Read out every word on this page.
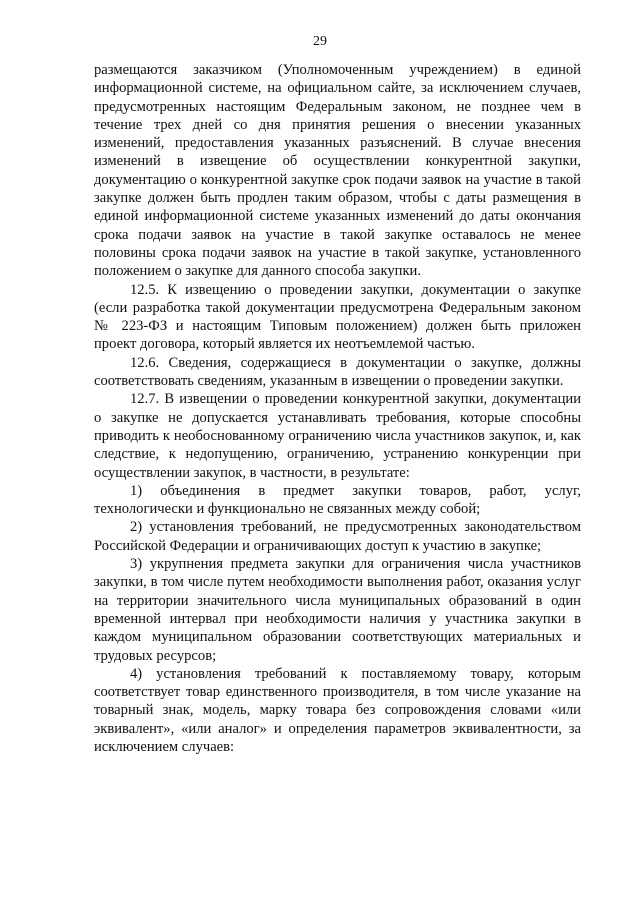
29

размещаются заказчиком (Уполномоченным учреждением) в единой информационной системе, на официальном сайте, за исключением случаев, предусмотренных настоящим Федеральным законом, не позднее чем в течение трех дней со дня принятия решения о внесении указанных изменений, предоставления указанных разъяснений. В случае внесения изменений в извещение об осуществлении конкурентной закупки, документацию о конкурентной закупке срок подачи заявок на участие в такой закупке должен быть продлен таким образом, чтобы с даты размещения в единой информационной системе указанных изменений до даты окончания срока подачи заявок на участие в такой закупке оставалось не менее половины срока подачи заявок на участие в такой закупке, установленного положением о закупке для данного способа закупки.

12.5. К извещению о проведении закупки, документации о закупке (если разработка такой документации предусмотрена Федеральным законом № 223-ФЗ и настоящим Типовым положением) должен быть приложен проект договора, который является их неотъемлемой частью.

12.6. Сведения, содержащиеся в документации о закупке, должны соответствовать сведениям, указанным в извещении о проведении закупки.

12.7. В извещении о проведении конкурентной закупки, документации о закупке не допускается устанавливать требования, которые способны приводить к необоснованному ограничению числа участников закупок, и, как следствие, к недопущению, ограничению, устранению конкуренции при осуществлении закупок, в частности, в результате:

1) объединения в предмет закупки товаров, работ, услуг, технологически и функционально не связанных между собой;

2) установления требований, не предусмотренных законодательством Российской Федерации и ограничивающих доступ к участию в закупке;

3) укрупнения предмета закупки для ограничения числа участников закупки, в том числе путем необходимости выполнения работ, оказания услуг на территории значительного числа муниципальных образований в один временной интервал при необходимости наличия у участника закупки в каждом муниципальном образовании соответствующих материальных и трудовых ресурсов;

4) установления требований к поставляемому товару, которым соответствует товар единственного производителя, в том числе указание на товарный знак, модель, марку товара без сопровождения словами «или эквивалент», «или аналог» и определения параметров эквивалентности, за исключением случаев:
